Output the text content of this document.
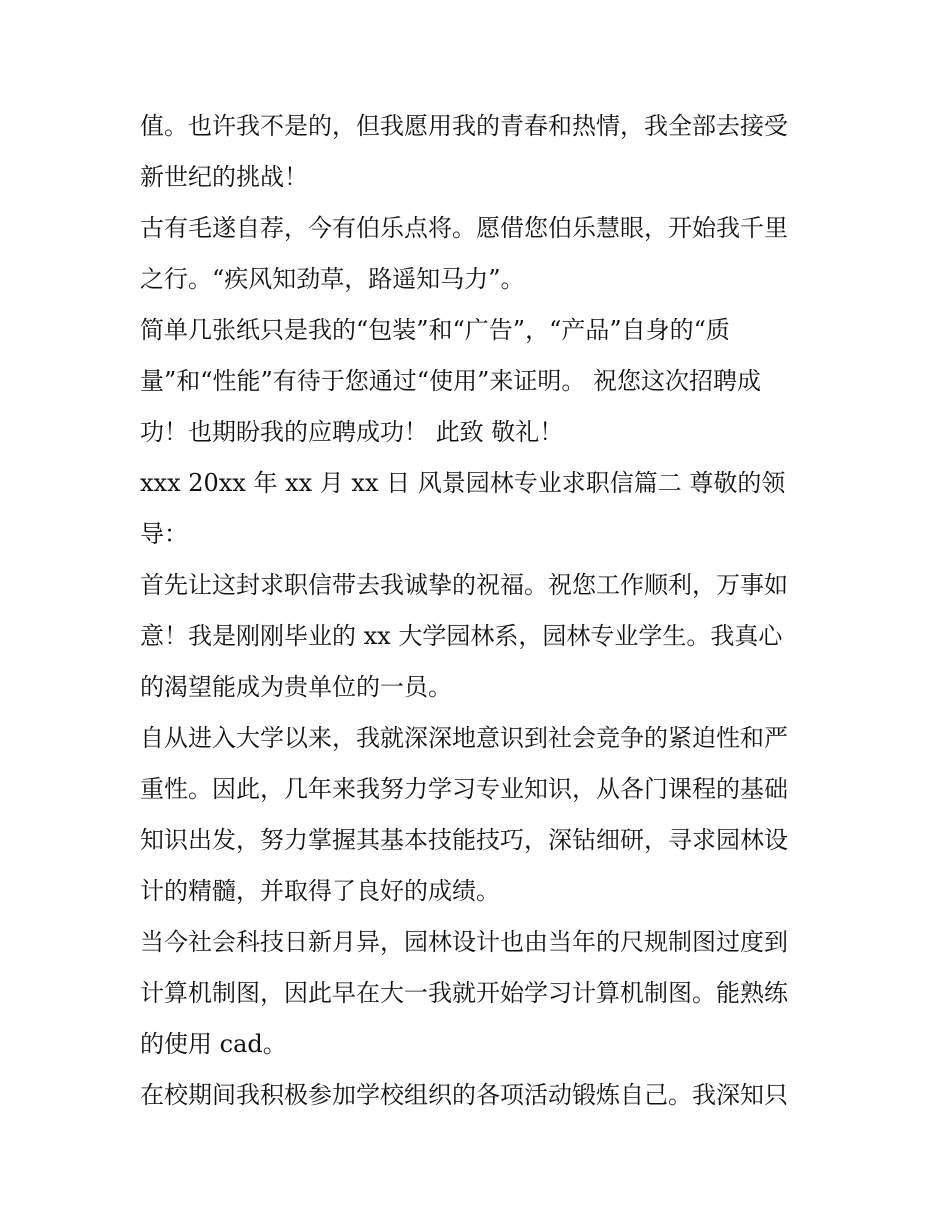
值。也许我不是的，但我愿用我的青春和热情，我全部去接受
新世纪的挑战！
古有毛遂自荐，今有伯乐点将。愿借您伯乐慧眼，开始我千里
之行。“疾风知劲草，路遥知马力”。
简单几张纸只是我的“包装”和“广告”，“产品”自身的“质
量”和“性能”有待于您通过“使用”来证明。 祝您这次招聘成
功！也期盼我的应聘成功！ 此致 敬礼！
xxx 20xx 年 xx 月 xx 日 风景园林专业求职信篇二 尊敬的领
导：
首先让这封求职信带去我诚挚的祝福。祝您工作顺利，万事如
意！我是刚刚毕业的 xx 大学园林系，园林专业学生。我真心
的渴望能成为贵单位的一员。
自从进入大学以来，我就深深地意识到社会竞争的紧迫性和严
重性。因此，几年来我努力学习专业知识，从各门课程的基础
知识出发，努力掌握其基本技能技巧，深钻细研，寻求园林设
计的精髓，并取得了良好的成绩。
当今社会科技日新月异，园林设计也由当年的尺规制图过度到
计算机制图，因此早在大一我就开始学习计算机制图。能熟练
的使用 cad。
在校期间我积极参加学校组织的各项活动锻炼自己。我深知只
